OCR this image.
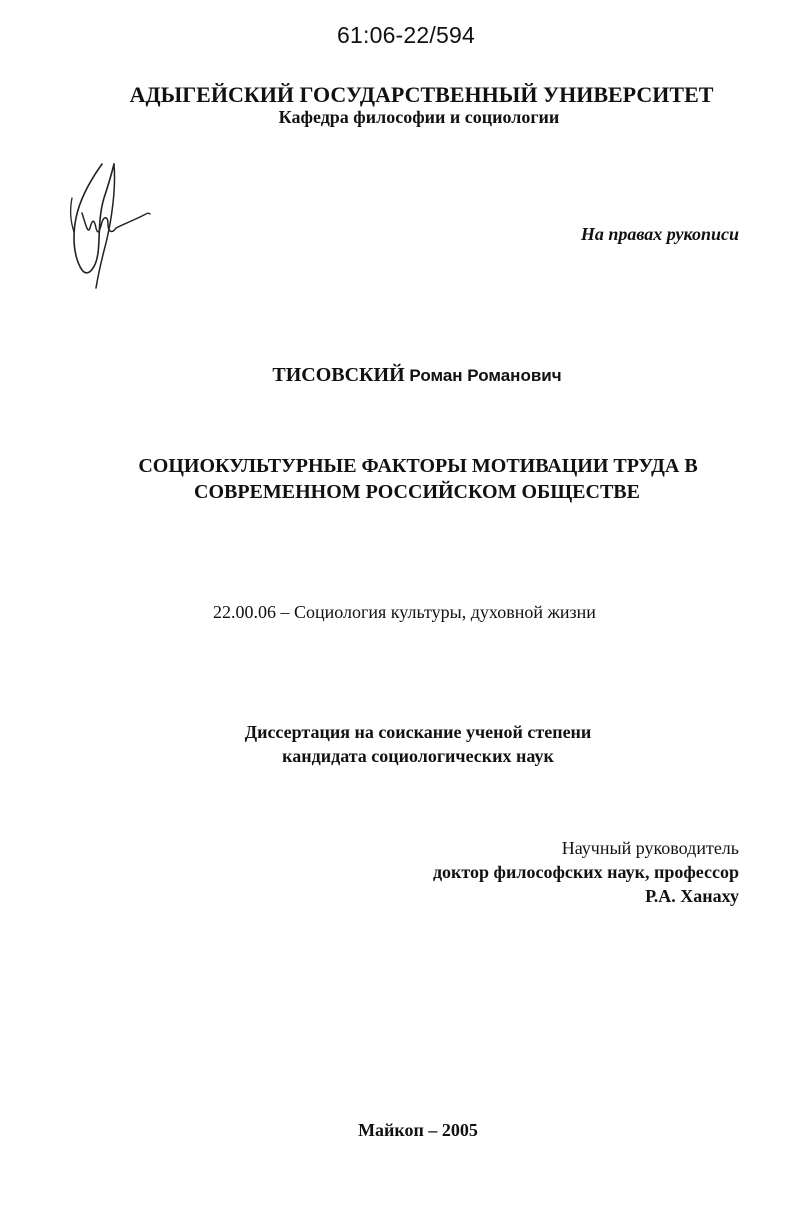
61:06-22/594
АДЫГЕЙСКИЙ ГОСУДАРСТВЕННЫЙ УНИВЕРСИТЕТ
Кафедра философии и социологии
На правах рукописи
ТИСОВСКИЙ Роман Романович
СОЦИОКУЛЬТУРНЫЕ ФАКТОРЫ МОТИВАЦИИ ТРУДА В
СОВРЕМЕННОМ РОССИЙСКОМ ОБЩЕСТВЕ
22.00.06 – Социология культуры, духовной жизни
Диссертация на соискание ученой степени
кандидата социологических наук
Научный руководитель
доктор философских наук, профессор
Р.А. Ханаху
Майкоп – 2005
